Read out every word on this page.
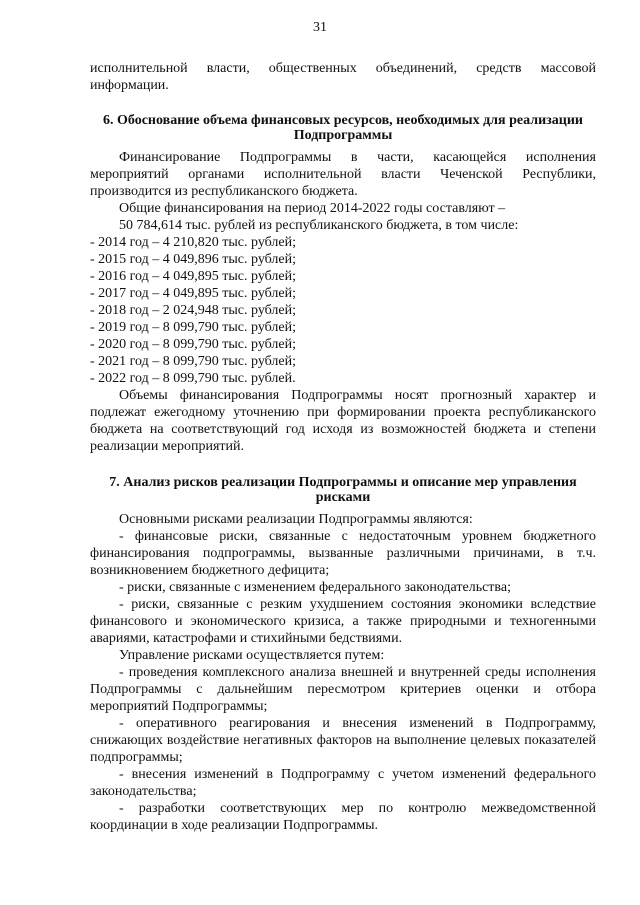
31

исполнительной власти, общественных объединений, средств массовой информации.

6. Обоснование объема финансовых ресурсов, необходимых для реализации Подпрограммы

Финансирование Подпрограммы в части, касающейся исполнения мероприятий органами исполнительной власти Чеченской Республики, производится из республиканского бюджета.

Общие финансирования на период 2014-2022 годы составляют –

50 784,614 тыс. рублей из республиканского бюджета, в том числе:

- 2014 год – 4 210,820 тыс. рублей;

- 2015 год – 4 049,896 тыс. рублей;

- 2016 год – 4 049,895 тыс. рублей;

- 2017 год – 4 049,895 тыс. рублей;

- 2018 год – 2 024,948 тыс. рублей;

- 2019 год – 8 099,790 тыс. рублей;

- 2020 год – 8 099,790 тыс. рублей;

- 2021 год – 8 099,790 тыс. рублей;

- 2022 год – 8 099,790 тыс. рублей.

Объемы финансирования Подпрограммы носят прогнозный характер и подлежат ежегодному уточнению при формировании проекта республиканского бюджета на соответствующий год исходя из возможностей бюджета и степени реализации мероприятий.

7. Анализ рисков реализации Подпрограммы и описание мер управления рисками

Основными рисками реализации Подпрограммы являются:

- финансовые риски, связанные с недостаточным уровнем бюджетного финансирования подпрограммы, вызванные различными причинами, в т.ч. возникновением бюджетного дефицита;

- риски, связанные с изменением федерального законодательства;

- риски, связанные с резким ухудшением состояния экономики вследствие финансового и экономического кризиса, а также природными и техногенными авариями, катастрофами и стихийными бедствиями.

Управление рисками осуществляется путем:

- проведения комплексного анализа внешней и внутренней среды исполнения Подпрограммы с дальнейшим пересмотром критериев оценки и отбора мероприятий Подпрограммы;

- оперативного реагирования и внесения изменений в Подпрограмму, снижающих воздействие негативных факторов на выполнение целевых показателей подпрограммы;

- внесения изменений в Подпрограмму с учетом изменений федерального законодательства;

- разработки соответствующих мер по контролю межведомственной координации в ходе реализации Подпрограммы.
